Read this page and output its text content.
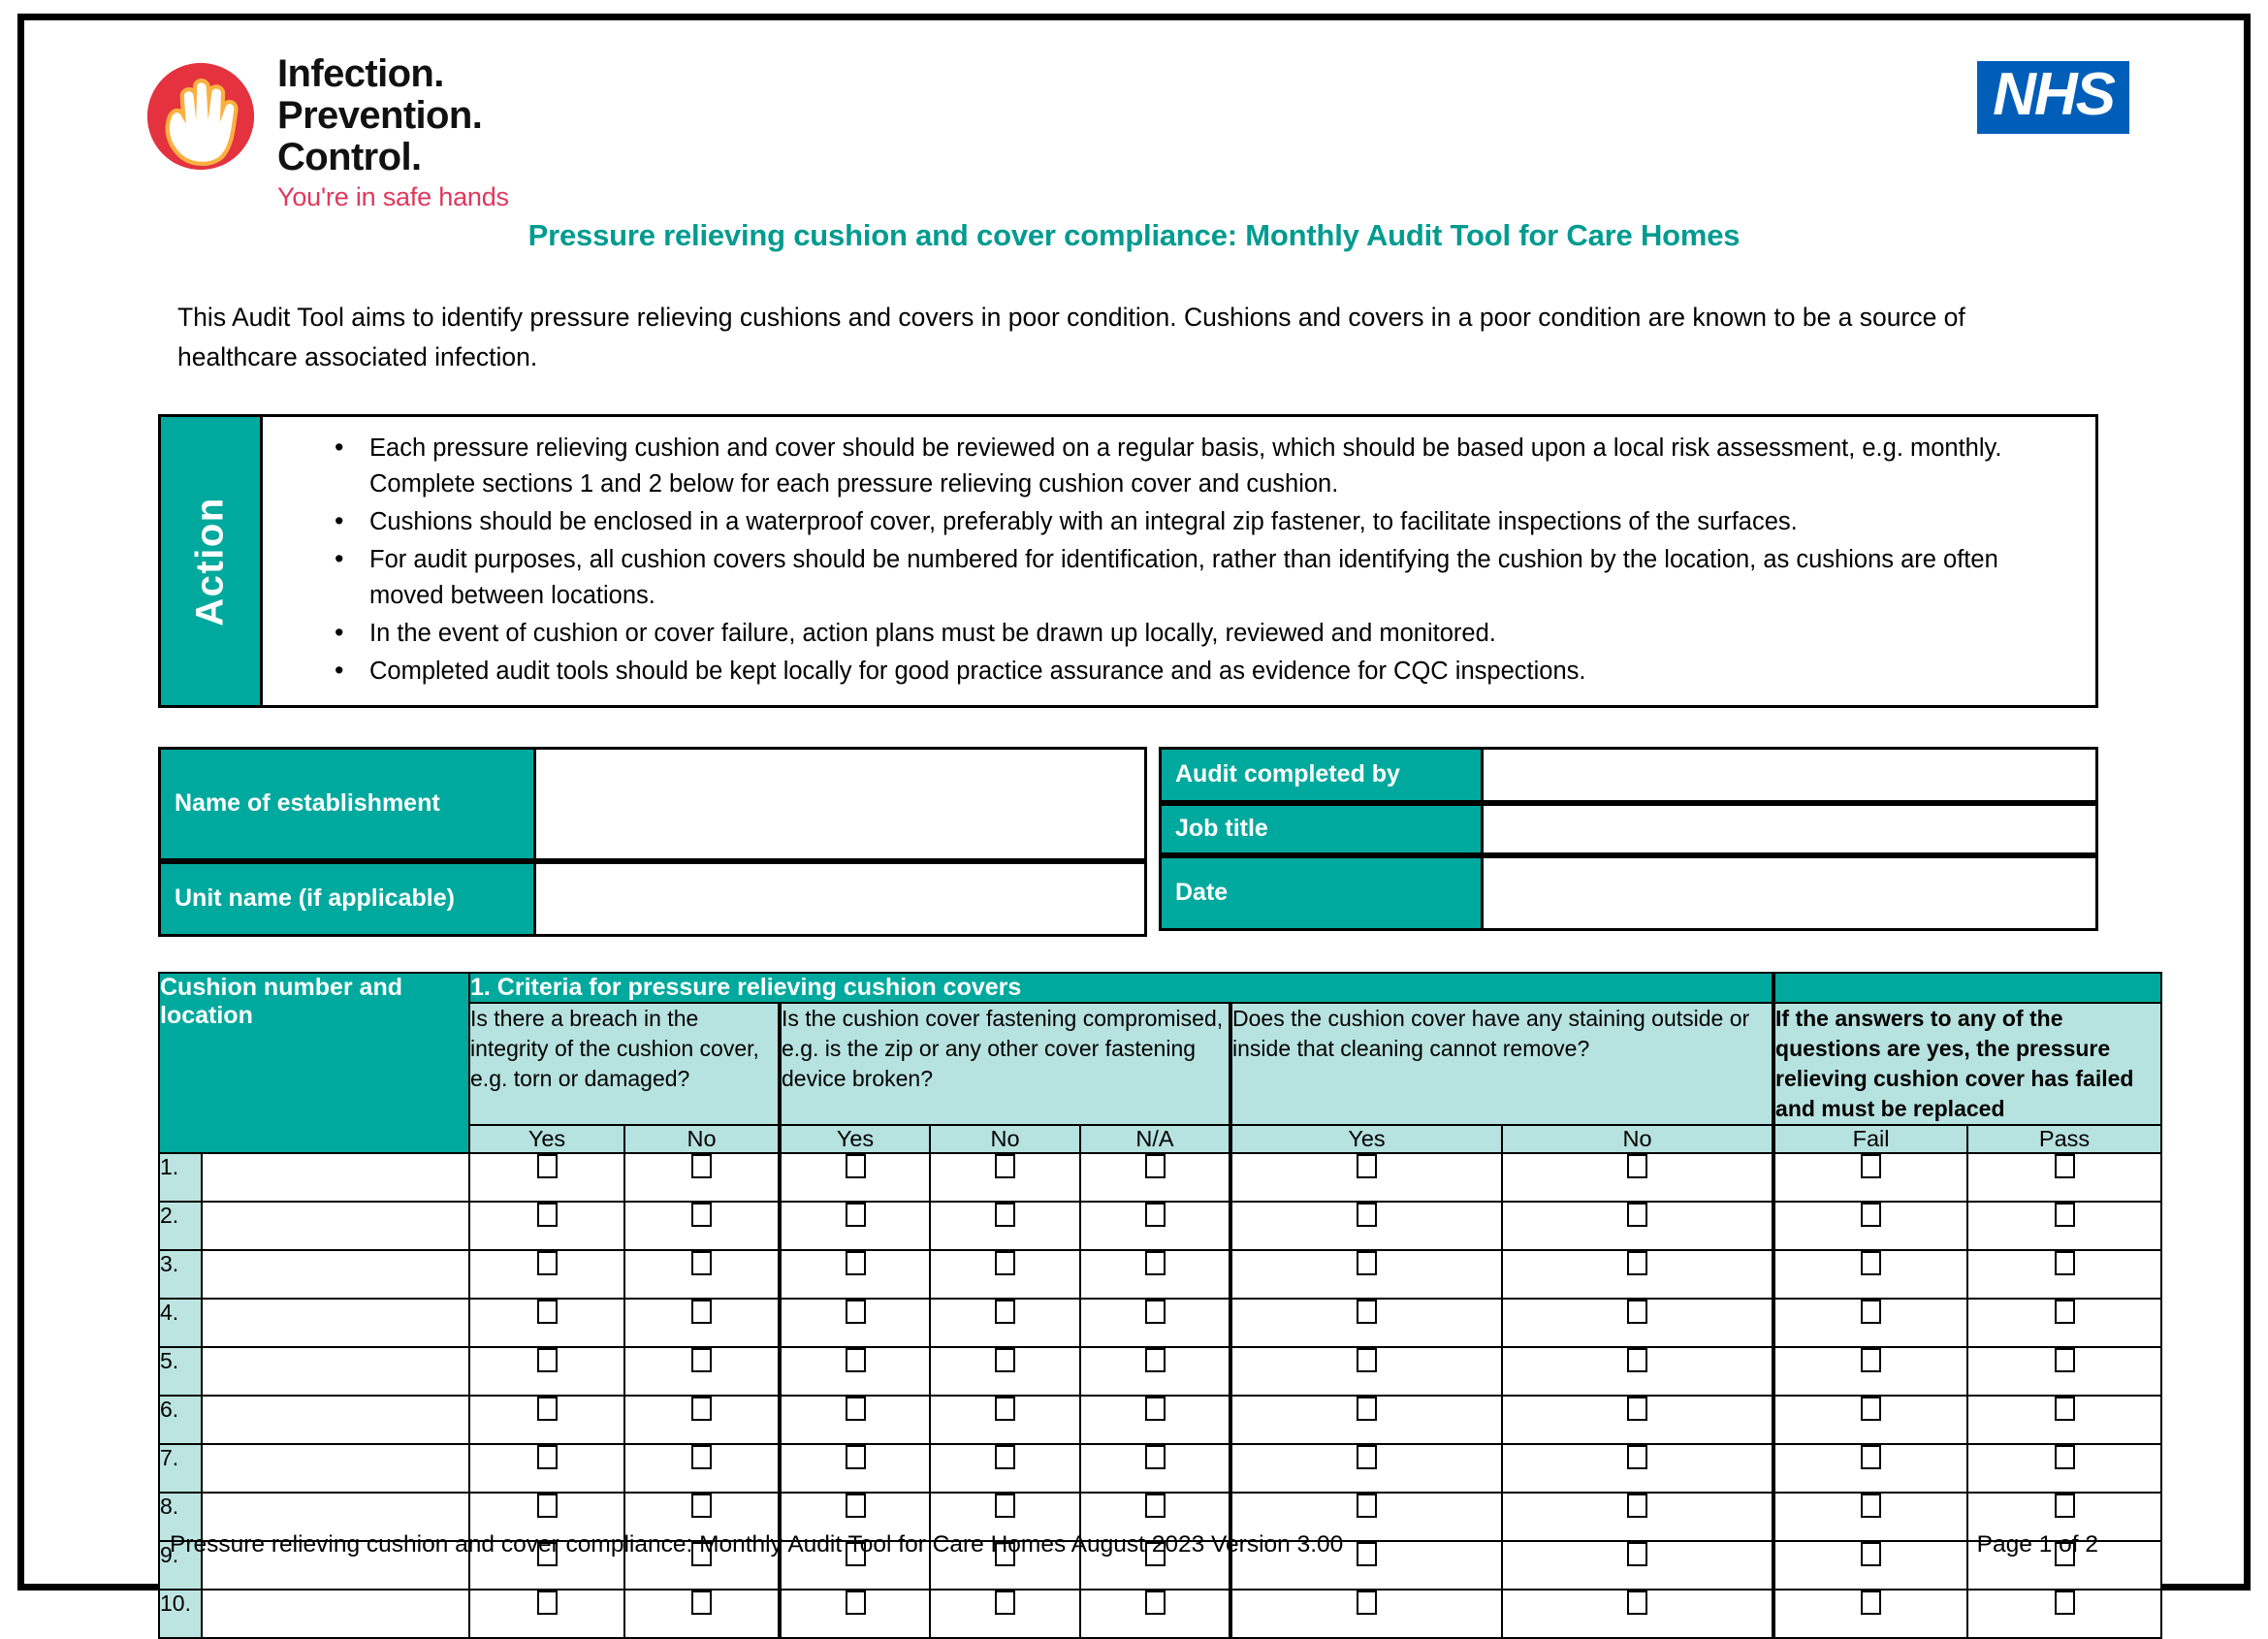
Infection.
Prevention.
Control.
You're in safe hands
NHS
Pressure relieving cushion and cover compliance: Monthly Audit Tool for Care Homes
This Audit Tool aims to identify pressure relieving cushions and covers in poor condition. Cushions and covers in a poor condition are known to be a source of healthcare associated infection.
Action
• Each pressure relieving cushion and cover should be reviewed on a regular basis, which should be based upon a local risk assessment, e.g. monthly. Complete sections 1 and 2 below for each pressure relieving cushion cover and cushion.
• Cushions should be enclosed in a waterproof cover, preferably with an integral zip fastener, to facilitate inspections of the surfaces.
• For audit purposes, all cushion covers should be numbered for identification, rather than identifying the cushion by the location, as cushions are often moved between locations.
• In the event of cushion or cover failure, action plans must be drawn up locally, reviewed and monitored.
• Completed audit tools should be kept locally for good practice assurance and as evidence for CQC inspections.
Name of establishment
Unit name (if applicable)
Audit completed by
Job title
Date
Cushion number and location		1. Criteria for pressure relieving cushion covers								
		Is there a breach in the integrity of the cushion cover, e.g. torn or damaged?		Is the cushion cover fastening compromised, e.g. is the zip or any other cover fastening device broken?			Does the cushion cover have any staining outside or inside that cleaning cannot remove?		If the answers to any of the questions are yes, the pressure relieving cushion cover has failed and must be replaced	
		Yes	No	Yes	No	N/A	Yes	No	Fail	Pass
1.										
2.										
3.										
4.										
5.										
6.										
7.										
8.										
9.										
10.										
Pressure relieving cushion and cover compliance: Monthly Audit Tool for Care Homes August 2023 Version 3.00	Page 1 of 2
